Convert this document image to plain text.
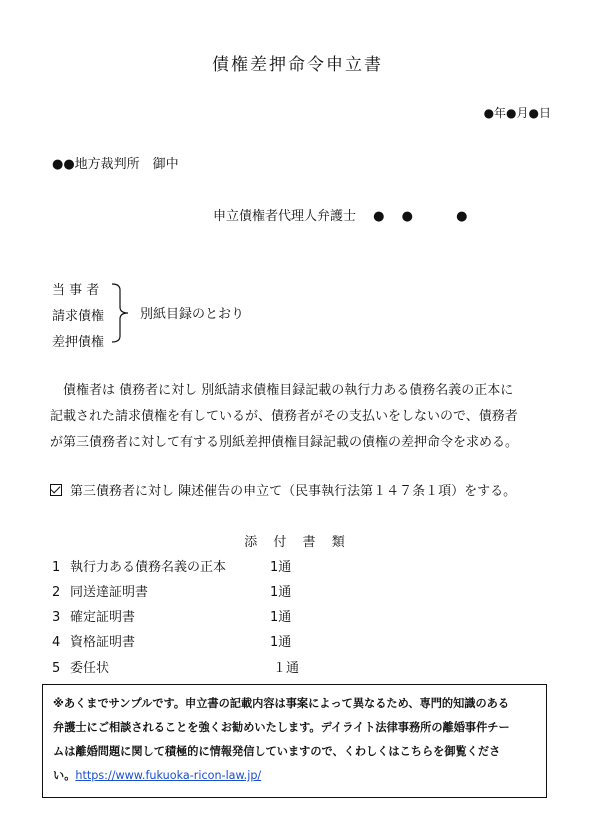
債権差押命令申立書
●年●月●日
●●地方裁判所　御中
申立債権者代理人弁護士　 ●　 ●　　　 ●
当 事 者
請求債権
差押債権
別紙目録のとおり
　債権者は 債務者に対し 別紙請求債権目録記載の執行力ある債務名義の正本に
記載された請求債権を有しているが、債務者がその支払いをしないので、債務者
が第三債務者に対して有する別紙差押債権目録記載の債権の差押命令を求める。
第三債務者に対し 陳述催告の申立て（民事執行法第１４７条１項）をする。
添 付 書 類
1 執行力ある債務名義の正本	1通
2 同送達証明書	1通
3 確定証明書	1通
4 資格証明書	1通
5 委任状	１通
※あくまでサンプルです。申立書の記載内容は事案によって異なるため、専門的知識のある
弁護士にご相談されることを強くお勧めいたします。デイライト法律事務所の離婚事件チー
ムは離婚問題に関して積極的に情報発信していますので、くわしくはこちらを御覧くださ
い。https://www.fukuoka-ricon-law.jp/
